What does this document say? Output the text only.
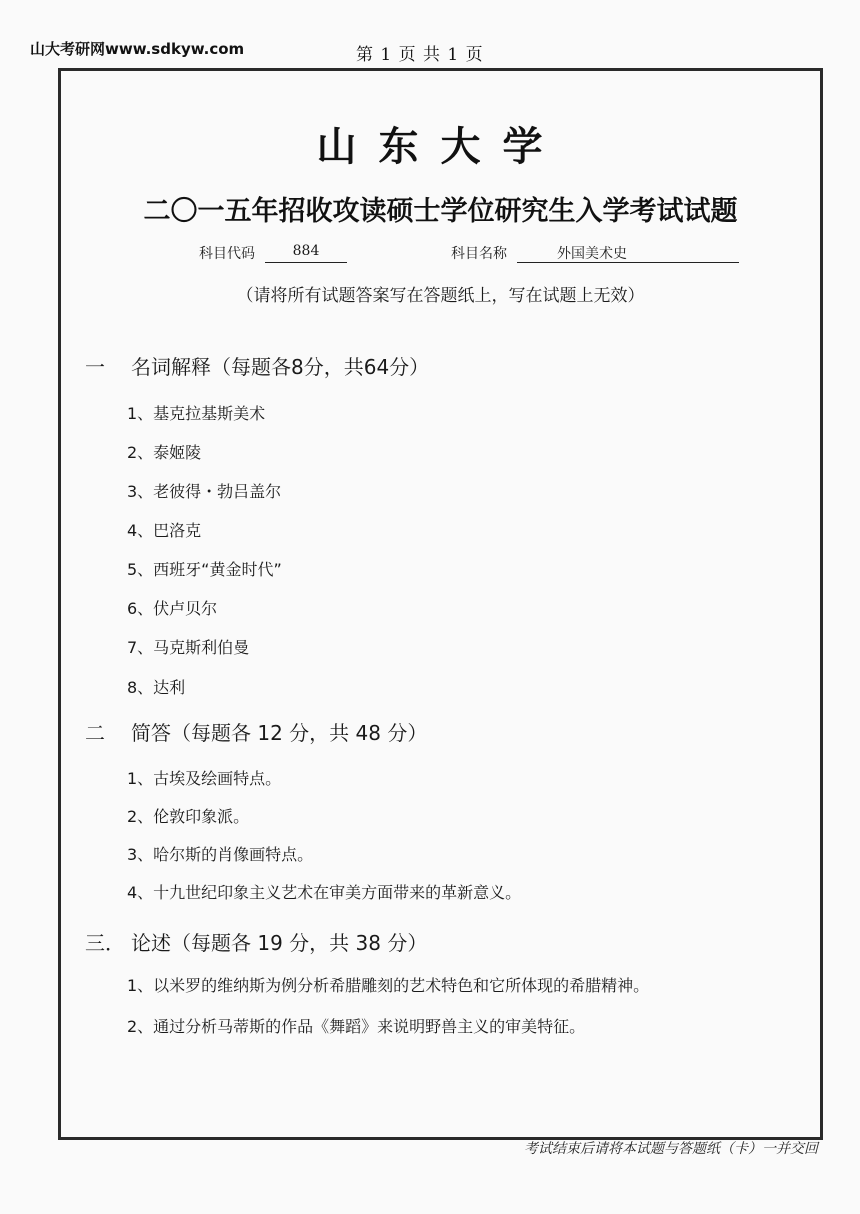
山大考研网www.sdkyw.com	第 1 页 共 1 页
山东大学
二〇一五年招收攻读硕士学位研究生入学考试试题
科目代码	884	科目名称	外国美术史
（请将所有试题答案写在答题纸上，写在试题上无效）
一 名词解释（每题各8分，共64分）
1、基克拉基斯美术
2、泰姬陵
3、老彼得・勃吕盖尔
4、巴洛克
5、西班牙“黄金时代”
6、伏卢贝尔
7、马克斯利伯曼
8、达利
二 简答（每题各 12 分，共 48 分）
1、古埃及绘画特点。
2、伦敦印象派。
3、哈尔斯的肖像画特点。
4、十九世纪印象主义艺术在审美方面带来的革新意义。
三． 论述（每题各 19 分，共 38 分）
1、以米罗的维纳斯为例分析希腊雕刻的艺术特色和它所体现的希腊精神。
2、通过分析马蒂斯的作品《舞蹈》来说明野兽主义的审美特征。
考试结束后请将本试题与答题纸（卡）一并交回
